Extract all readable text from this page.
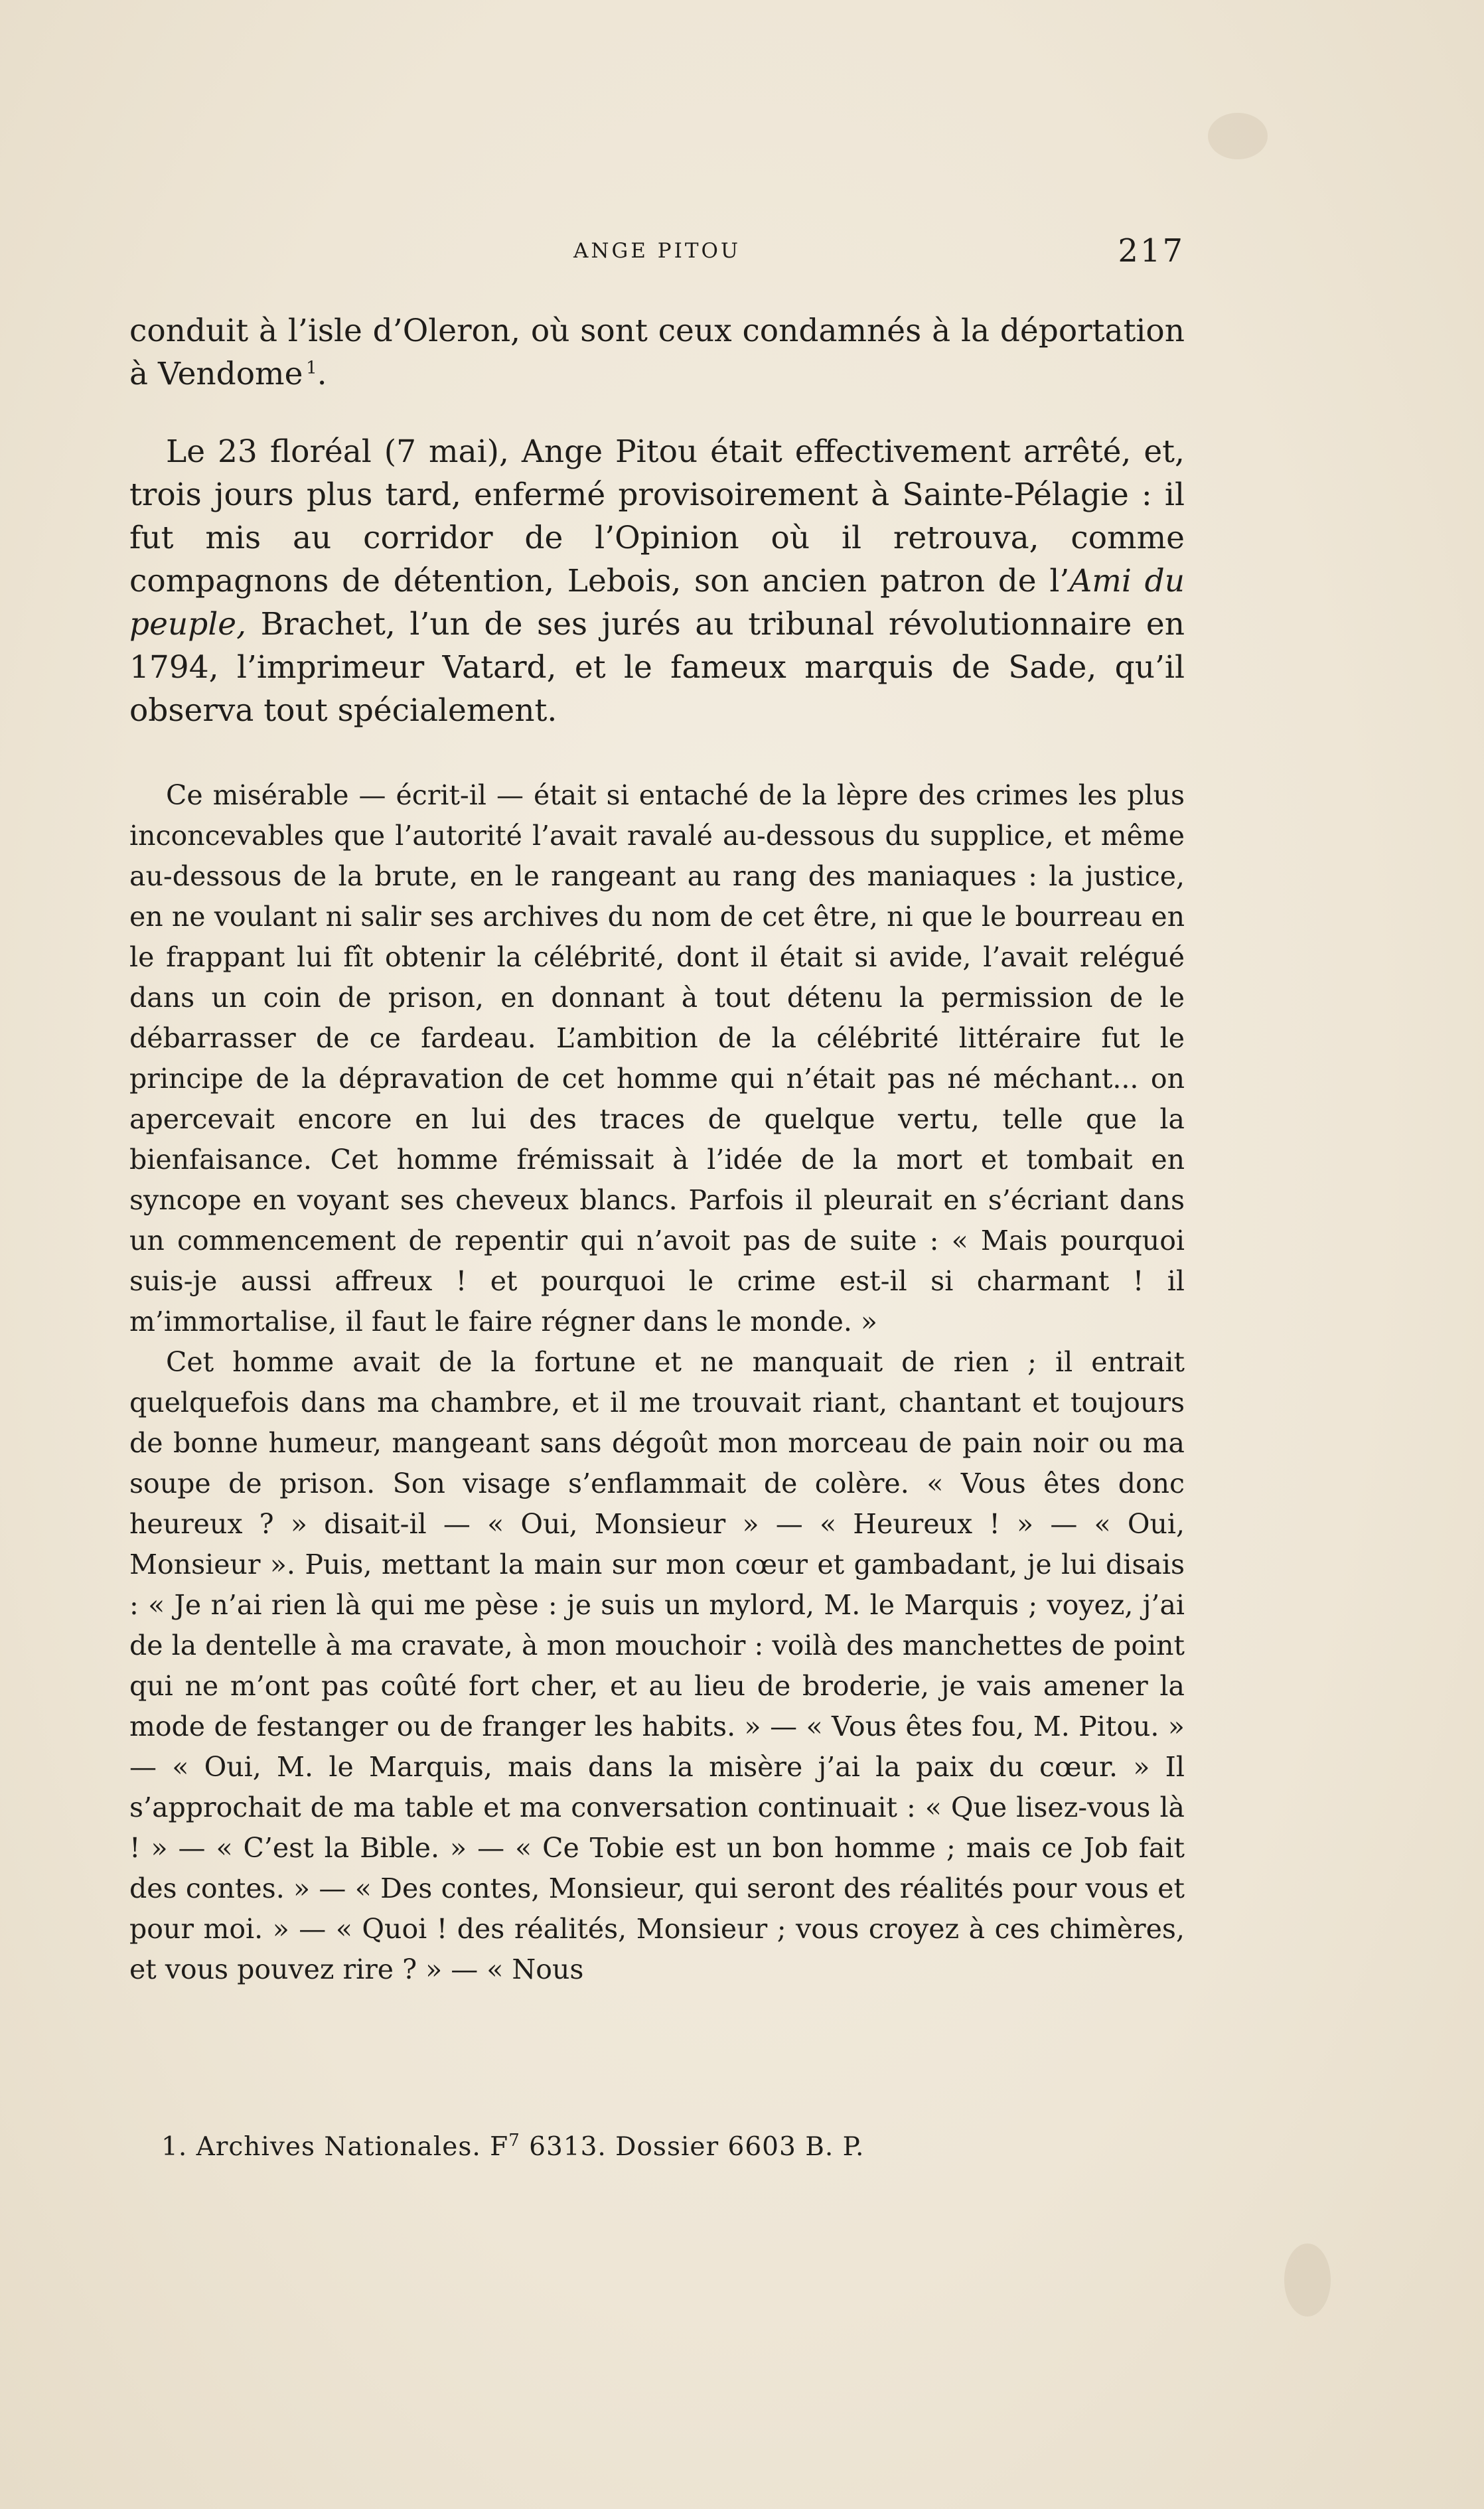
ANGE PITOU	217

conduit à l’isle d’Oleron, où sont ceux condamnés à la déportation à Vendome  $^1$.

Le 23 floréal (7 mai), Ange Pitou était effectivement arrêté, et, trois jours plus tard, enfermé provisoirement à Sainte-Pélagie : il fut mis au corridor de l’Opinion où il retrouva, comme compagnons de détention, Lebois, son ancien patron de l’Ami du peuple, Brachet, l’un de ses jurés au tribunal révolutionnaire en 1794, l’imprimeur Vatard, et le fameux marquis de Sade, qu’il observa tout spécialement.

Ce misérable — écrit-il — était si entaché de la lèpre des crimes les plus inconcevables que l’autorité l’avait ravalé au-dessous du supplice, et même au-dessous de la brute, en le rangeant au rang des maniaques : la justice, en ne voulant ni salir ses archives du nom de cet être, ni que le bourreau en le frappant lui fît obtenir la célébrité, dont il était si avide, l’avait relégué dans un coin de prison, en donnant à tout détenu la permission de le débarrasser de ce fardeau. L’ambition de la célébrité littéraire fut le principe de la dépravation de cet homme qui n’était pas né méchant... on apercevait encore en lui des traces de quelque vertu, telle que la bienfaisance. Cet homme frémissait à l’idée de la mort et tombait en syncope en voyant ses cheveux blancs. Parfois il pleurait en s’écriant dans un commencement de repentir qui n’avoit pas de suite : « Mais pourquoi suis-je aussi affreux ! et pourquoi le crime est-il si charmant ! il m’immortalise, il faut le faire régner dans le monde. »

Cet homme avait de la fortune et ne manquait de rien ; il entrait quelquefois dans ma chambre, et il me trouvait riant, chantant et toujours de bonne humeur, mangeant sans dégoût mon morceau de pain noir ou ma soupe de prison. Son visage s’enflammait de colère. « Vous êtes donc heureux ? » disait-il — « Oui, Monsieur » — « Heureux ! » — « Oui, Monsieur ». Puis, mettant la main sur mon cœur et gambadant, je lui disais : « Je n’ai rien là qui me pèse : je suis un mylord, M. le Marquis ; voyez, j’ai de la dentelle à ma cravate, à mon mouchoir : voilà des manchettes de point qui ne m’ont pas coûté fort cher, et au lieu de broderie, je vais amener la mode de festanger ou de franger les habits. » — « Vous êtes fou, M. Pitou. » — « Oui, M. le Marquis, mais dans la misère j’ai la paix du cœur. » Il s’approchait de ma table et ma conversation continuait : « Que lisez-vous là ! » — « C’est la Bible. » — « Ce Tobie est un bon homme ; mais ce Job fait des contes. » — « Des contes, Monsieur, qui seront des réalités pour vous et pour moi. » — « Quoi ! des réalités, Monsieur ; vous croyez à ces chimères, et vous pouvez rire ? » — « Nous

1. Archives Nationales. F$^7$ 6313. Dossier 6603 B. P.
